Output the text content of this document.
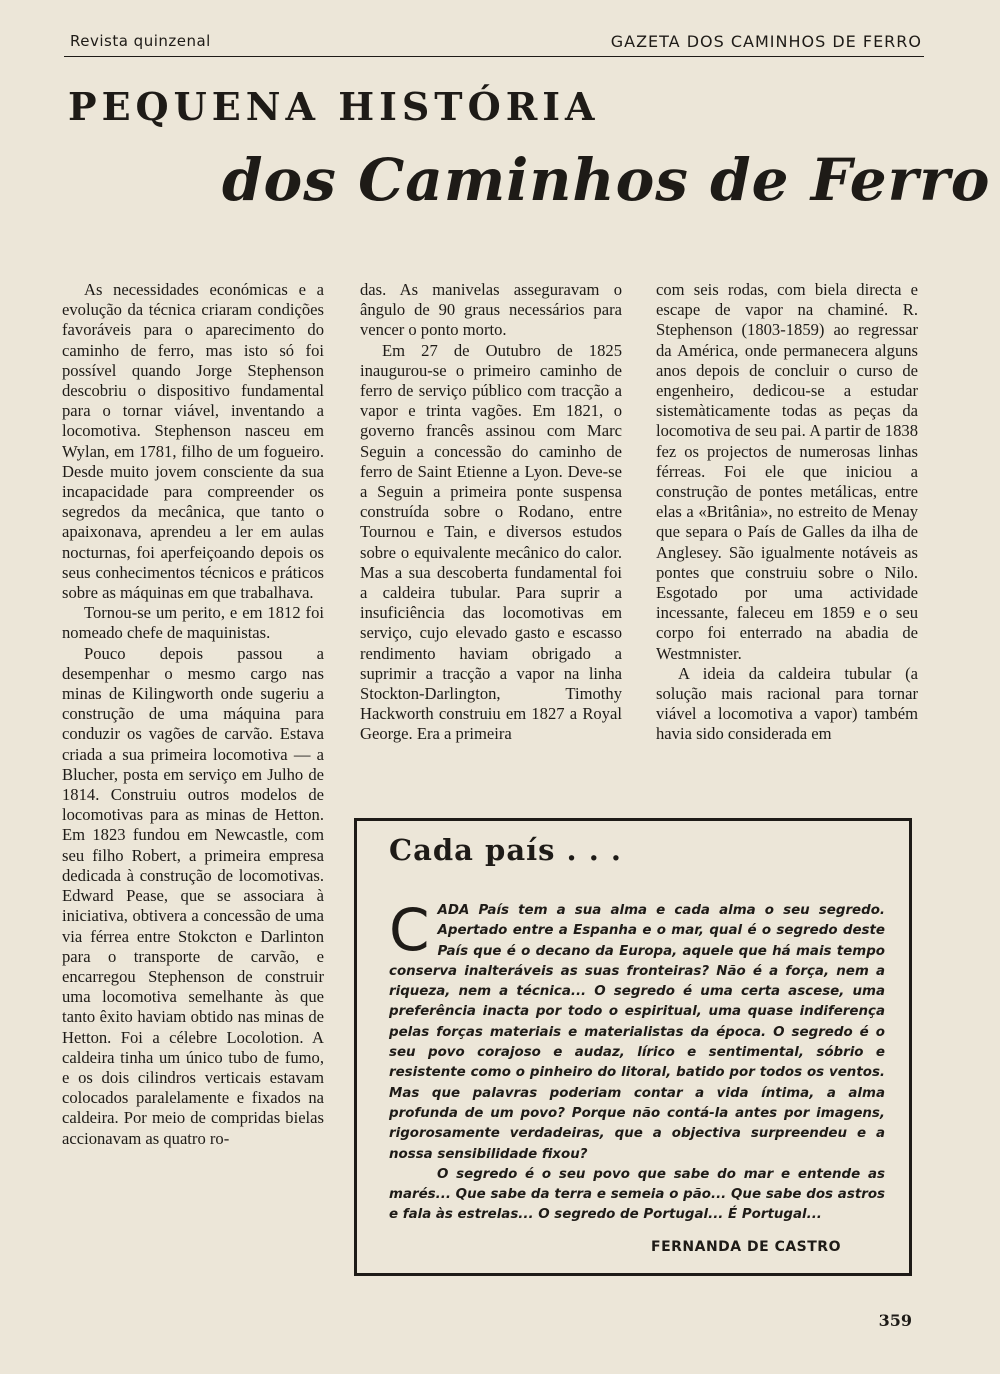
Revista quinzenal	GAZETA DOS CAMINHOS DE FERRO
PEQUENA HISTÓRIA
dos Caminhos de Ferro

As necessidades económicas e a evolução da técnica criaram condições favoráveis para o aparecimento do caminho de ferro, mas isto só foi possível quando Jorge Stephenson descobriu o dispositivo fundamental para o tornar viável, inventando a locomotiva. Stephenson nasceu em Wylan, em 1781, filho de um fogueiro. Desde muito jovem consciente da sua incapacidade para compreender os segredos da mecânica, que tanto o apaixonava, aprendeu a ler em aulas nocturnas, foi aperfeiçoando depois os seus conhecimentos técnicos e práticos sobre as máquinas em que trabalhava.

Tornou-se um perito, e em 1812 foi nomeado chefe de maquinistas.

Pouco depois passou a desempenhar o mesmo cargo nas minas de Kilingworth onde sugeriu a construção de uma máquina para conduzir os vagões de carvão. Estava criada a sua primeira locomotiva — a Blucher, posta em serviço em Julho de 1814. Construiu outros modelos de locomotivas para as minas de Hetton. Em 1823 fundou em Newcastle, com seu filho Robert, a primeira empresa dedicada à construção de locomotivas. Edward Pease, que se associara à iniciativa, obtivera a concessão de uma via férrea entre Stokcton e Darlinton para o transporte de carvão, e encarregou Stephenson de construir uma locomotiva semelhante às que tanto êxito haviam obtido nas minas de Hetton. Foi a célebre Locolotion. A caldeira tinha um único tubo de fumo, e os dois cilindros verticais estavam colocados paralelamente e fixados na caldeira. Por meio de compridas bielas accionavam as quatro ro-

das. As manivelas asseguravam o ângulo de 90 graus necessários para vencer o ponto morto.

Em 27 de Outubro de 1825 inaugurou-se o primeiro caminho de ferro de serviço público com tracção a vapor e trinta vagões. Em 1821, o governo francês assinou com Marc Seguin a concessão do caminho de ferro de Saint Etienne a Lyon. Deve-se a Seguin a primeira ponte suspensa construída sobre o Rodano, entre Tournou e Tain, e diversos estudos sobre o equivalente mecânico do calor. Mas a sua descoberta fundamental foi a caldeira tubular. Para suprir a insuficiência das locomotivas em serviço, cujo elevado gasto e escasso rendimento haviam obrigado a suprimir a tracção a vapor na linha Stockton-Darlington, Timothy Hackworth construiu em 1827 a Royal George. Era a primeira

com seis rodas, com biela directa e escape de vapor na chaminé. R. Stephenson (1803-1859) ao regressar da América, onde permanecera alguns anos depois de concluir o curso de engenheiro, dedicou-se a estudar sistemàticamente todas as peças da locomotiva de seu pai. A partir de 1838 fez os projectos de numerosas linhas férreas. Foi ele que iniciou a construção de pontes metálicas, entre elas a «Britânia», no estreito de Menay que separa o País de Galles da ilha de Anglesey. São igualmente notáveis as pontes que construiu sobre o Nilo. Esgotado por uma actividade incessante, faleceu em 1859 e o seu corpo foi enterrado na abadia de Westmnister.

A ideia da caldeira tubular (a solução mais racional para tornar viável a locomotiva a vapor) também havia sido considerada em

Cada país . . .

CADA País tem a sua alma e cada alma o seu segredo. Apertado entre a Espanha e o mar, qual é o segredo deste País que é o decano da Europa, aquele que há mais tempo conserva inalteráveis as suas fronteiras? Não é a força, nem a riqueza, nem a técnica... O segredo é uma certa ascese, uma preferência inacta por todo o espiritual, uma quase indiferença pelas forças materiais e materialistas da época. O segredo é o seu povo corajoso e audaz, lírico e sentimental, sóbrio e resistente como o pinheiro do litoral, batido por todos os ventos. Mas que palavras poderiam contar a vida íntima, a alma profunda de um povo? Porque não contá-la antes por imagens, rigorosamente verdadeiras, que a objectiva surpreendeu e a nossa sensibilidade fixou?

O segredo é o seu povo que sabe do mar e entende as marés... Que sabe da terra e semeia o pão... Que sabe dos astros e fala às estrelas... O segredo de Portugal... É Portugal...

FERNANDA DE CASTRO
359
